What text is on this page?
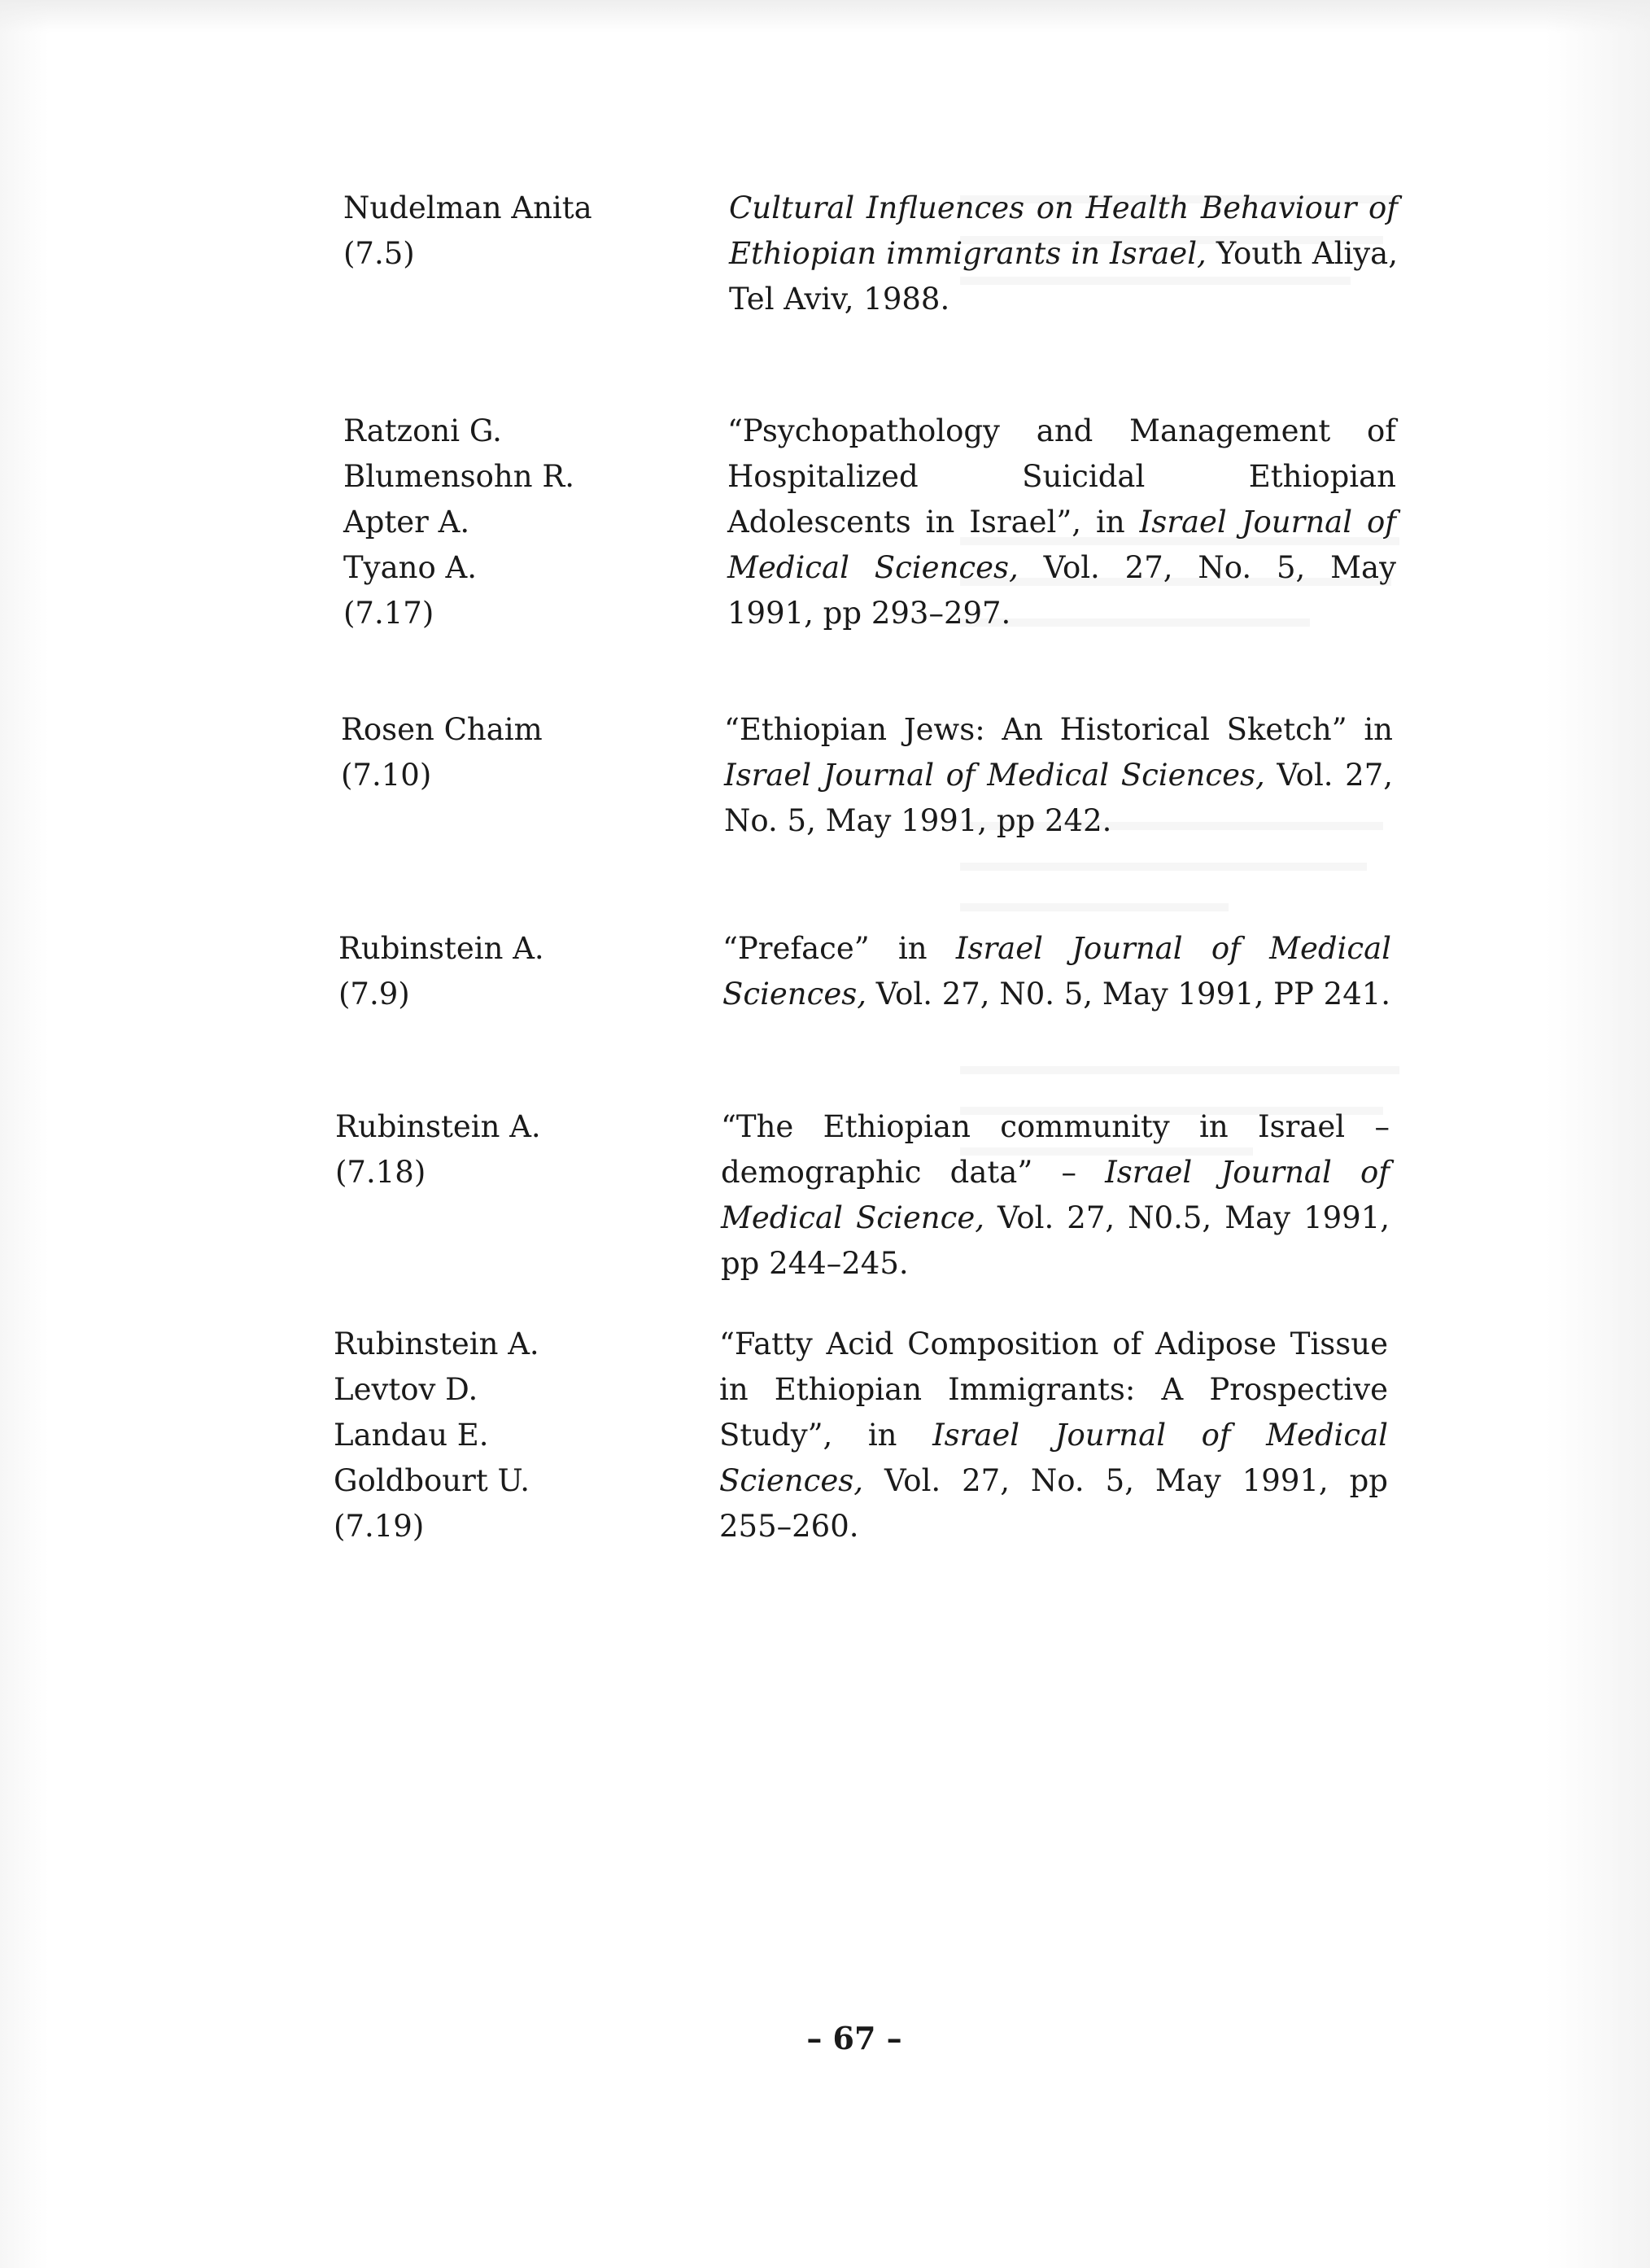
Nudelman Anita
(7.5)
Cultural Influences on Health Behaviour of Ethiopian immigrants in Israel, Youth Aliya, Tel Aviv, 1988.
Ratzoni G.
Blumensohn R.
Apter A.
Tyano A.
(7.17)
“Psychopathology and Management of Hospitalized Suicidal Ethiopian Adolescents in Israel”, in Israel Journal of Medical Sciences, Vol. 27, No. 5, May 1991, pp 293–297.
Rosen Chaim
(7.10)
“Ethiopian Jews: An Historical Sketch” in Israel Journal of Medical Sciences, Vol. 27, No. 5, May 1991, pp 242.
Rubinstein A.
(7.9)
“Preface” in Israel Journal of Medical Sciences, Vol. 27, N0. 5, May 1991, PP 241.
Rubinstein A.
(7.18)
“The Ethiopian community in Israel – demographic data” – Israel Journal of Medical Science, Vol. 27, N0.5, May 1991, pp 244–245.
Rubinstein A.
Levtov D.
Landau E.
Goldbourt U.
(7.19)
“Fatty Acid Composition of Adipose Tissue in Ethiopian Immigrants: A Prospective Study”, in Israel Journal of Medical Sciences, Vol. 27, No. 5, May 1991, pp 255–260.
– 67 –
